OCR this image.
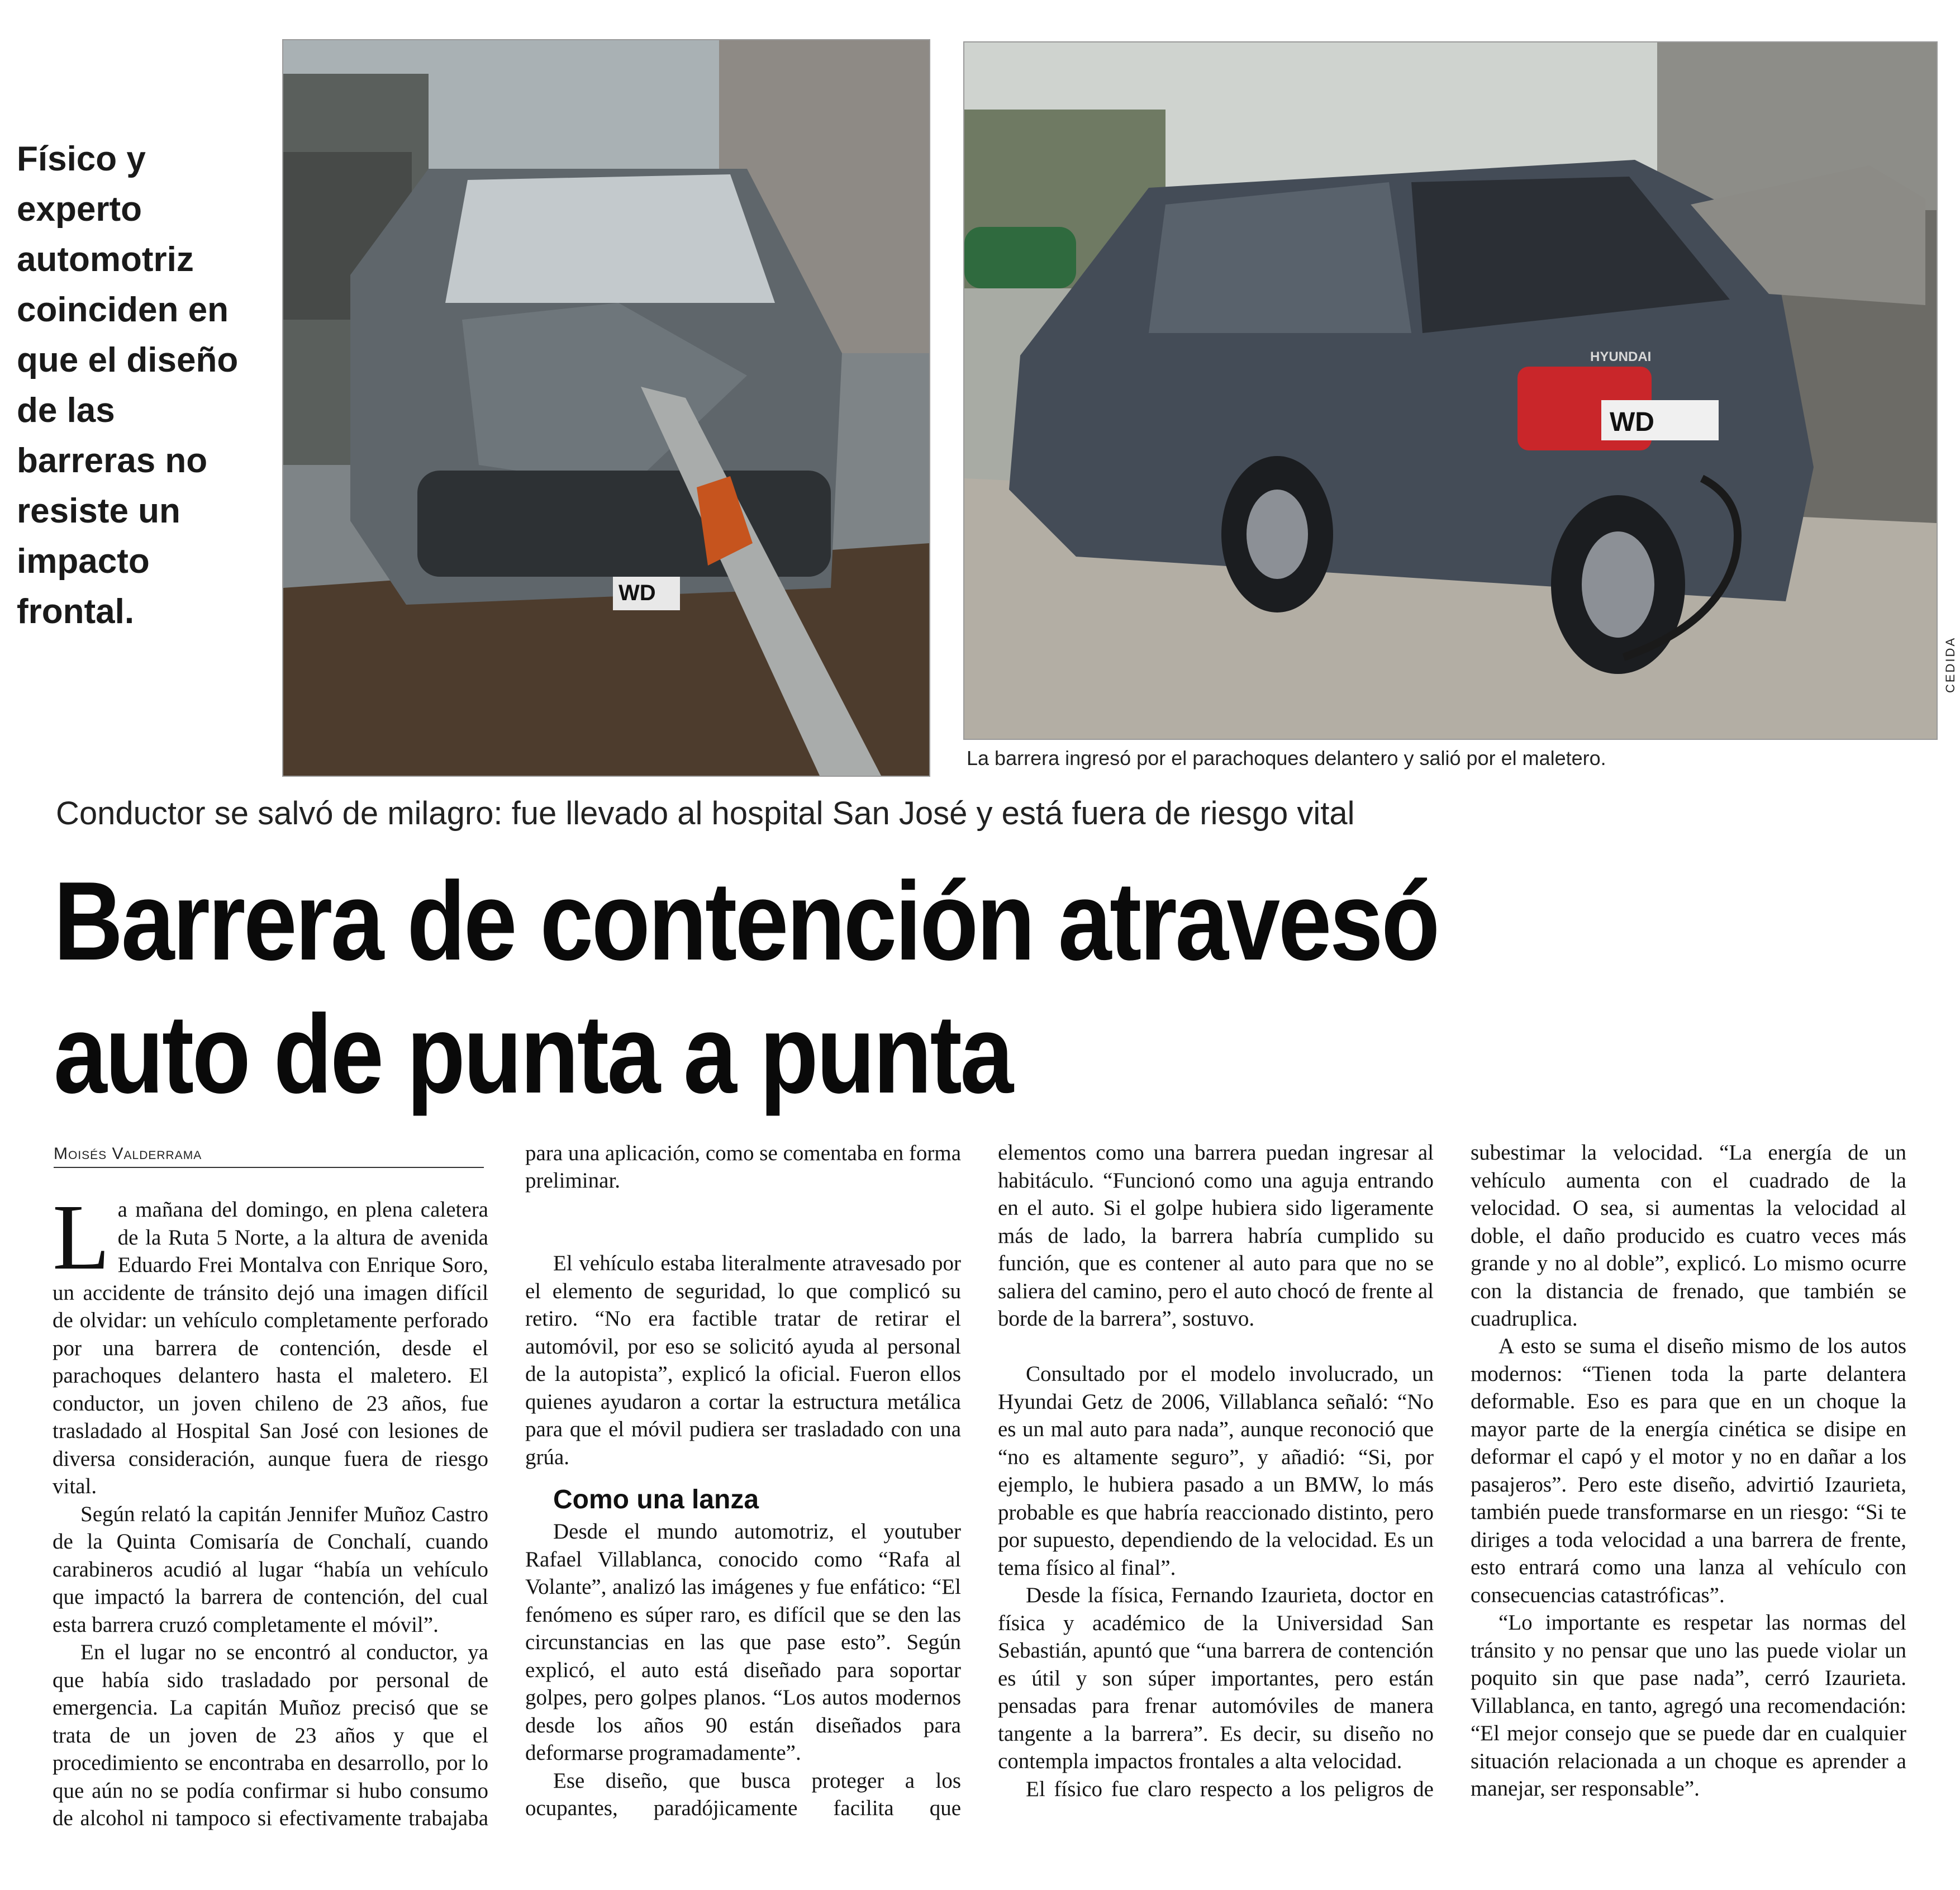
Físico y experto automotriz coinciden en que el diseño de las barreras no resiste un impacto frontal.	WD
HYUNDAI
WD
CEDIDA
La barrera ingresó por el parachoques delantero y salió por el maletero.
Conductor se salvó de milagro: fue llevado al hospital San José y está fuera de riesgo vital
Barrera de contención atravesó auto de punta a punta
Moisés Valderrama

La mañana del domingo, en plena caletera de la Ruta 5 Norte, a la altura de avenida Eduardo Frei Montalva con Enrique Soro, un accidente de tránsito dejó una imagen difícil de olvidar: un vehículo completamente perforado por una barrera de contención, desde el parachoques delantero hasta el maletero. El conductor, un joven chileno de 23 años, fue trasladado al Hospital San José con lesiones de diversa consideración, aunque fuera de riesgo vital.

Según relató la capitán Jennifer Muñoz Castro de la Quinta Comisaría de Conchalí, cuando carabineros acudió al lugar “había un vehículo que impactó la barrera de contención, del cual esta barrera cruzó completamente el móvil”.

En el lugar no se encontró al conductor, ya que había sido trasladado por personal de emergencia. La capitán Muñoz precisó que se trata de un joven de 23 años y que el procedimiento se encontraba en desarrollo, por lo que aún no se podía confirmar si hubo consumo de alcohol ni tampoco si efectivamente trabajaba

para una aplicación, como se comentaba en forma preliminar.

El vehículo estaba literalmente atravesado por el elemento de seguridad, lo que complicó su retiro. “No era factible tratar de retirar el automóvil, por eso se solicitó ayuda al personal de la autopista”, explicó la oficial. Fueron ellos quienes ayudaron a cortar la estructura metálica para que el móvil pudiera ser trasladado con una grúa.

Como una lanza

Desde el mundo automotriz, el youtuber Rafael Villablanca, conocido como “Rafa al Volante”, analizó las imágenes y fue enfático: “El fenómeno es súper raro, es difícil que se den las circunstancias en las que pase esto”. Según explicó, el auto está diseñado para soportar golpes, pero golpes planos. “Los autos modernos desde los años 90 están diseñados para deformarse programadamente”.

Ese diseño, que busca proteger a los ocupantes, paradójicamente facilita que

elementos como una barrera puedan ingresar al habitáculo. “Funcionó como una aguja entrando en el auto. Si el golpe hubiera sido ligeramente más de lado, la barrera habría cumplido su función, que es contener al auto para que no se saliera del camino, pero el auto chocó de frente al borde de la barrera”, sostuvo.

Consultado por el modelo involucrado, un Hyundai Getz de 2006, Villablanca señaló: “No es un mal auto para nada”, aunque reconoció que “no es altamente seguro”, y añadió: “Si, por ejemplo, le hubiera pasado a un BMW, lo más probable es que habría reaccionado distinto, pero por supuesto, dependiendo de la velocidad. Es un tema físico al final”.

Desde la física, Fernando Izaurieta, doctor en física y académico de la Universidad San Sebastián, apuntó que “una barrera de contención es útil y son súper importantes, pero están pensadas para frenar automóviles de manera tangente a la barrera”. Es decir, su diseño no contempla impactos frontales a alta velocidad.

El físico fue claro respecto a los peligros de

subestimar la velocidad. “La energía de un vehículo aumenta con el cuadrado de la velocidad. O sea, si aumentas la velocidad al doble, el daño producido es cuatro veces más grande y no al doble”, explicó. Lo mismo ocurre con la distancia de frenado, que también se cuadruplica.

A esto se suma el diseño mismo de los autos modernos: “Tienen toda la parte delantera deformable. Eso es para que en un choque la mayor parte de la energía cinética se disipe en deformar el capó y el motor y no en dañar a los pasajeros”. Pero este diseño, advirtió Izaurieta, también puede transformarse en un riesgo: “Si te diriges a toda velocidad a una barrera de frente, esto entrará como una lanza al vehículo con consecuencias catastróficas”.

“Lo importante es respetar las normas del tránsito y no pensar que uno las puede violar un poquito sin que pase nada”, cerró Izaurieta. Villablanca, en tanto, agregó una recomendación: “El mejor consejo que se puede dar en cualquier situación relacionada a un choque es aprender a manejar, ser responsable”.
